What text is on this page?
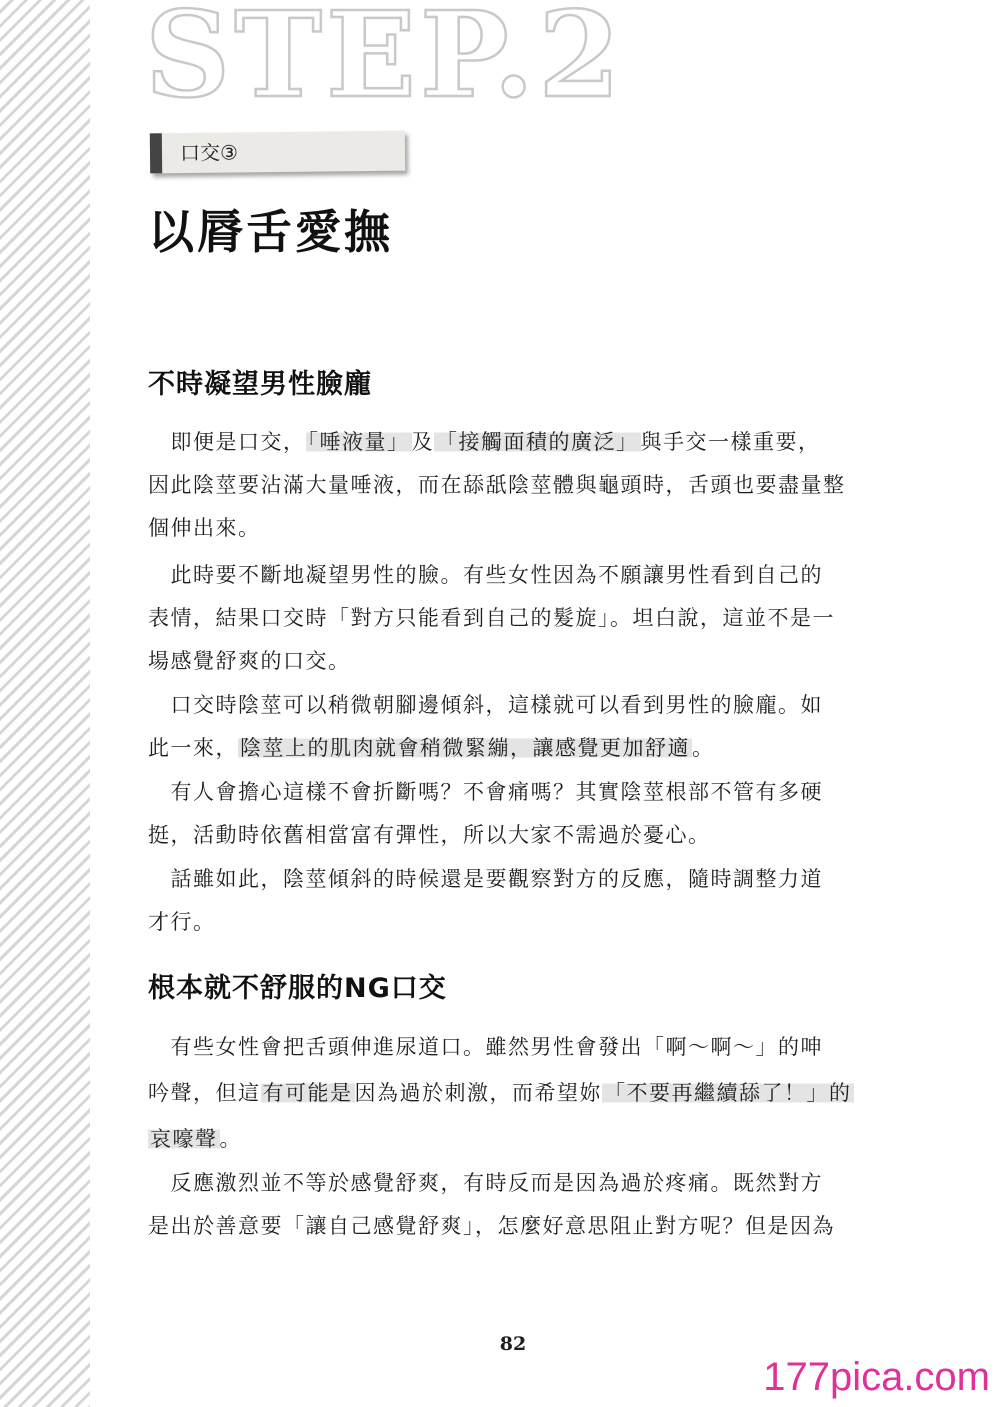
STEP.2
口交③
以脣舌愛撫
不時凝望男性臉龐
　即便是口交，「唾液量」及「接觸面積的廣泛」與手交一樣重要，
因此陰莖要沾滿大量唾液，而在舔舐陰莖體與龜頭時，舌頭也要盡量整
個伸出來。
　此時要不斷地凝望男性的臉。有些女性因為不願讓男性看到自己的
表情，結果口交時「對方只能看到自己的髮旋」。坦白說，這並不是一
場感覺舒爽的口交。
　口交時陰莖可以稍微朝腳邊傾斜，這樣就可以看到男性的臉龐。如
此一來，陰莖上的肌肉就會稍微緊繃，讓感覺更加舒適。
　有人會擔心這樣不會折斷嗎？不會痛嗎？其實陰莖根部不管有多硬
挺，活動時依舊相當富有彈性，所以大家不需過於憂心。
　話雖如此，陰莖傾斜的時候還是要觀察對方的反應，隨時調整力道
才行。
根本就不舒服的NG口交
　有些女性會把舌頭伸進尿道口。雖然男性會發出「啊～啊～」的呻
吟聲，但這有可能是因為過於刺激，而希望妳「不要再繼續舔了！」的
哀嚎聲。
　反應激烈並不等於感覺舒爽，有時反而是因為過於疼痛。既然對方
是出於善意要「讓自己感覺舒爽」，怎麼好意思阻止對方呢？但是因為
82
177pica.com
